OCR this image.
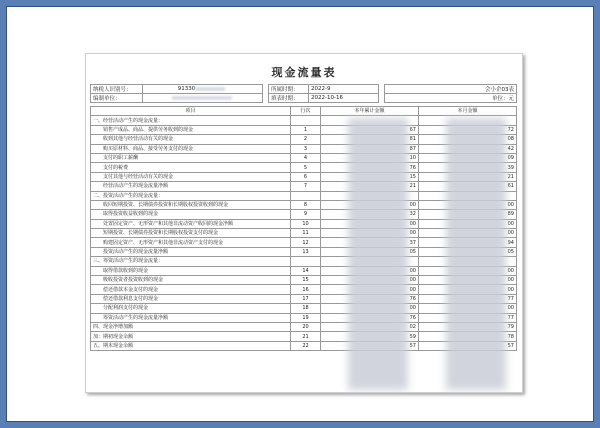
现金流量表
纳税人识别号：	91330		所属时期：	2022-9		会小企03表
编制单位：			填表时期：	2022-10-16		单位：元
项目	行次	本年累计金额	本月金额
一、经营活动产生的现金流量：			
销售产成品、商品、提供劳务收到的现金	1	67	72
收到其他与经营活动有关的现金	2	81	08
购买原材料、商品、接受劳务支付的现金	3	87	42
支付的职工薪酬	4	10	09
支付的税费	5	76	39
支付其他与经营活动有关的现金	6	15	21
经营活动产生的现金流量净额	7	21	61
二、投资活动产生的现金流量：			
收回短期投资、长期债券投资和长期股权投资收到的现金	8	00	00
取得投资收益收到的现金	9	32	89
处置固定资产、无形资产和其他非流动资产收回的现金净额	10	00	00
短期投资、长期债券投资和长期股权投资支付的现金	11	00	00
购建固定资产、无形资产和其他非流动资产支付的现金	12	37	94
投资活动产生的现金流量净额	13	05	05
三、筹资活动产生的现金流量：			
取得借款收到的现金	14	00	00
吸收投资者投资收到的现金	15	00	00
偿还借款本金支付的现金	16	00	00
偿还借款利息支付的现金	17	76	77
分配利润支付的现金	18	00	00
筹资活动产生的现金流量净额	19	76	77
四、现金净增加额	20	02	79
加：期初现金余额	21	59	78
五、期末现金余额	22	57	57
